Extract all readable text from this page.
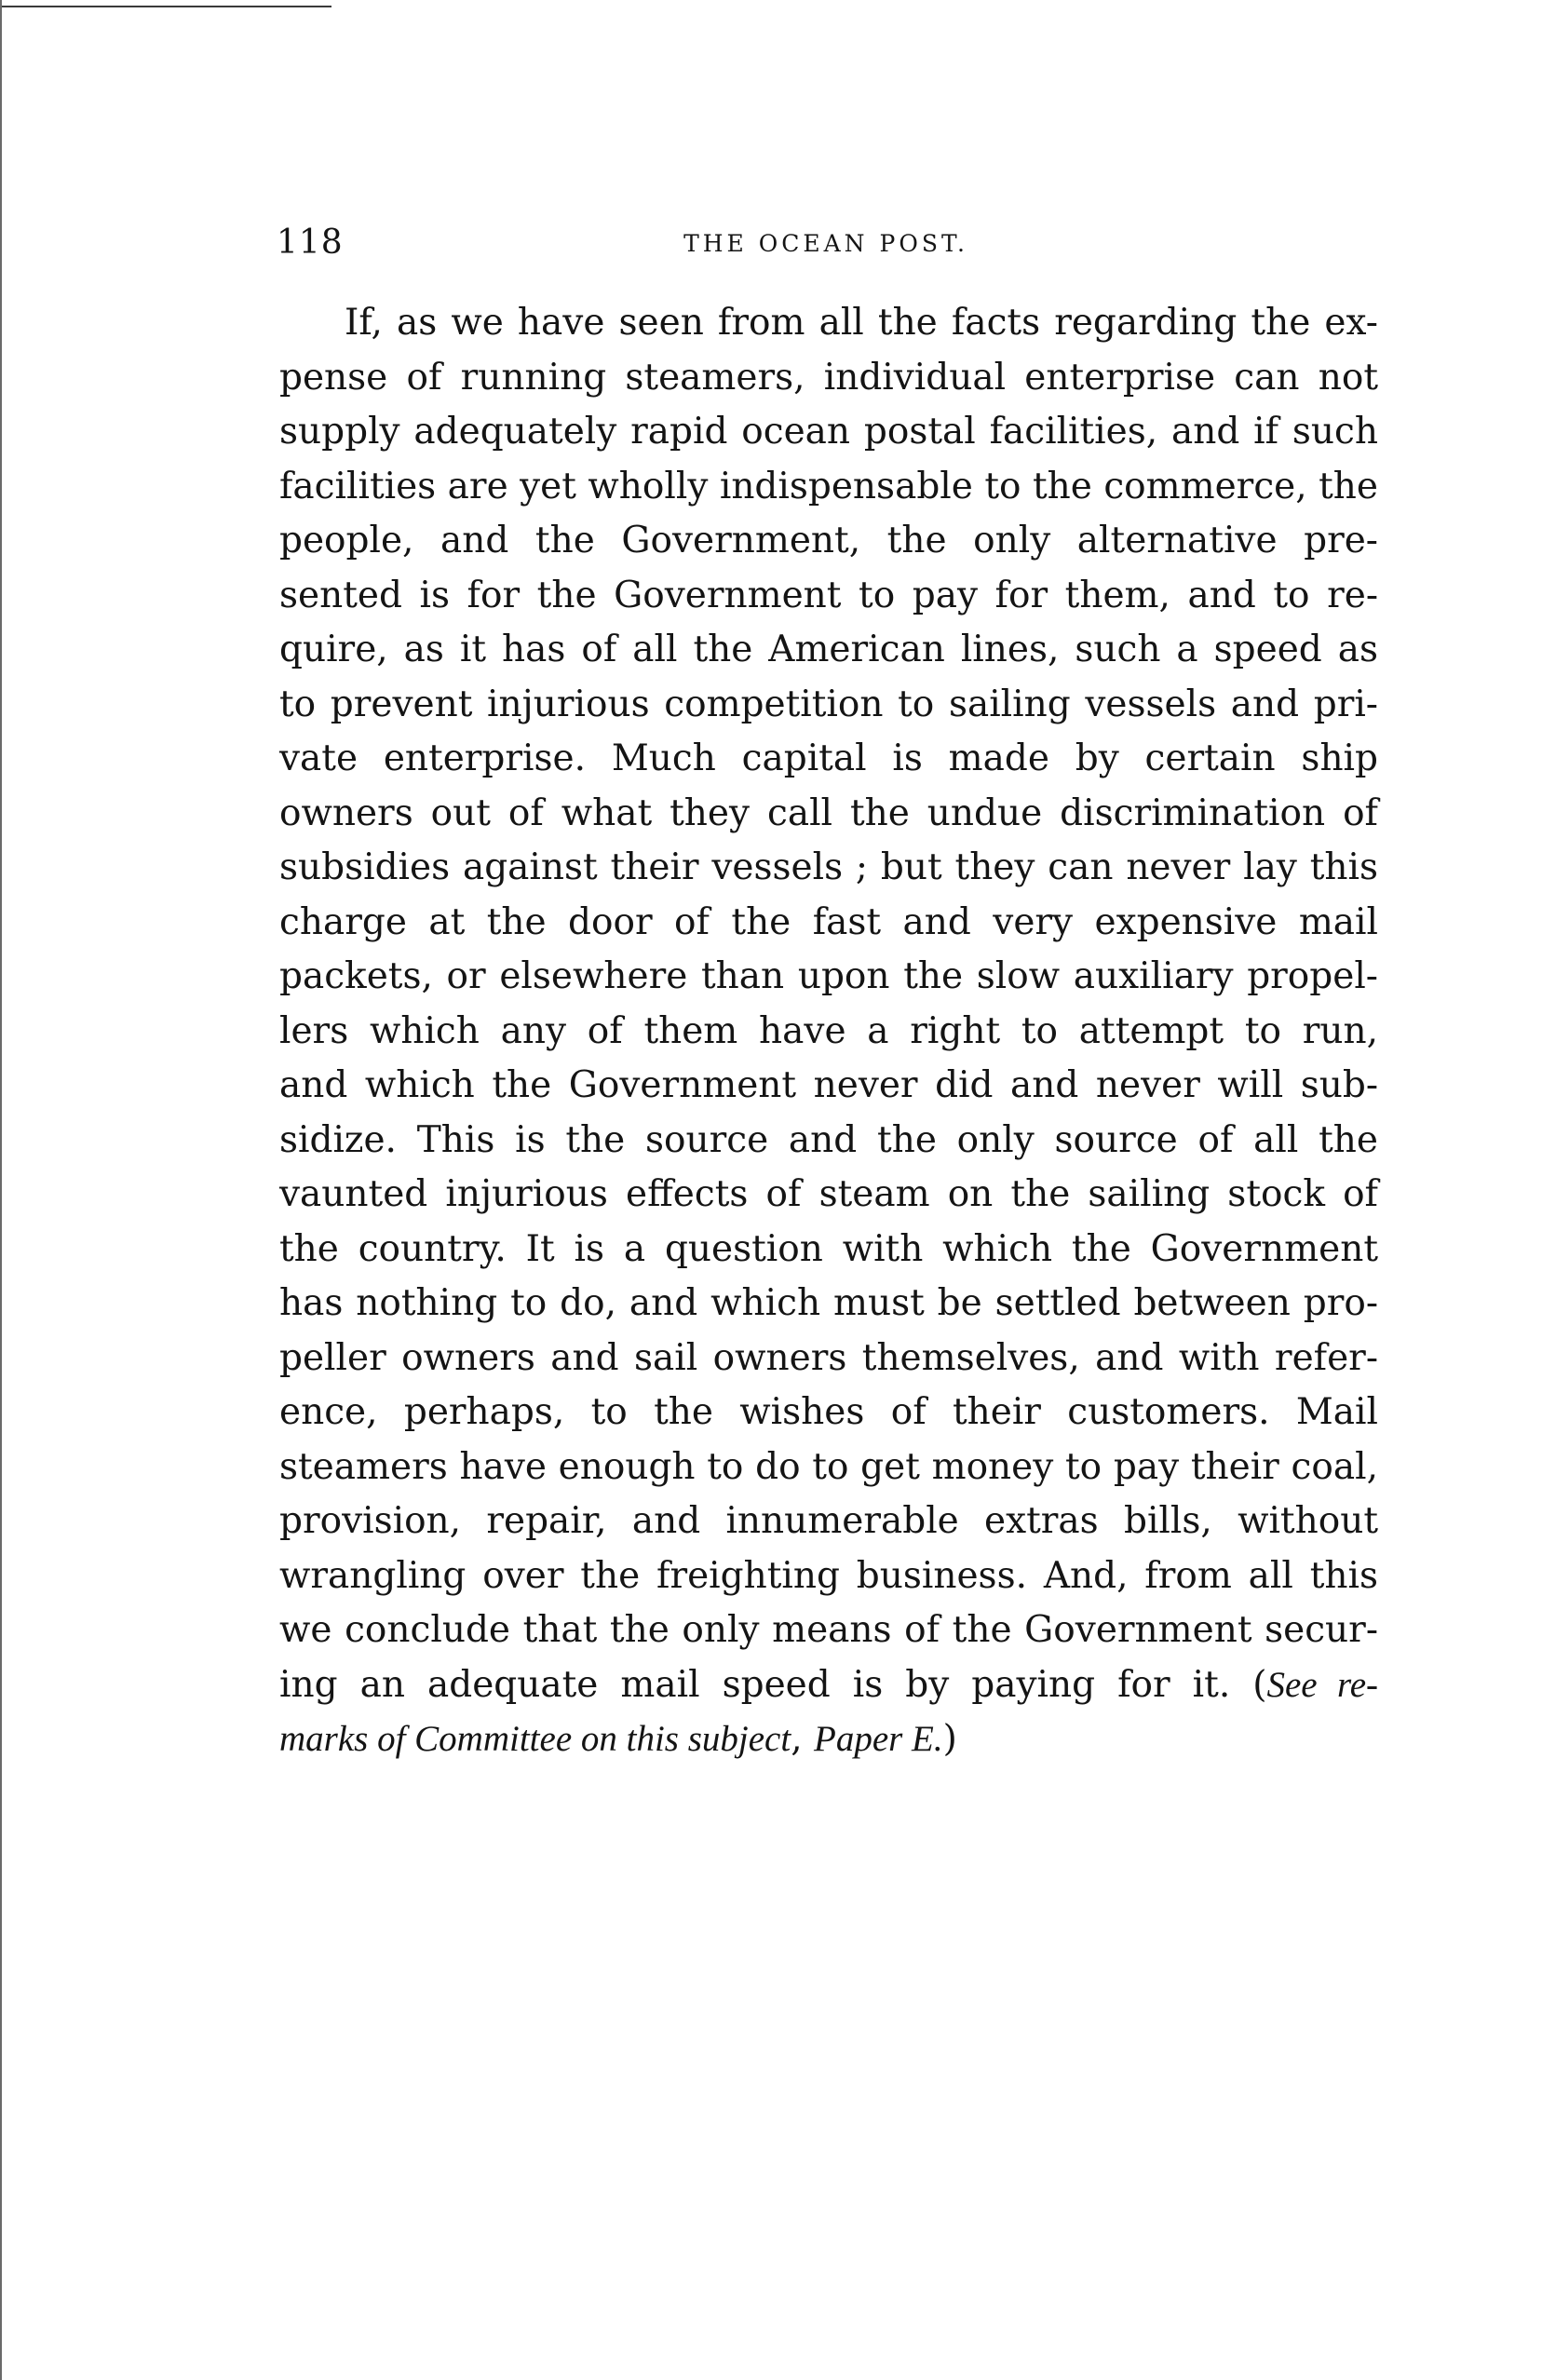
118	THE OCEAN POST.
If, as we have seen from all the facts regarding the ex-
pense of running steamers, individual enterprise can not
supply adequately rapid ocean postal facilities, and if such
facilities are yet wholly indispensable to the commerce, the
people, and the Government, the only alternative pre-
sented is for the Government to pay for them, and to re-
quire, as it has of all the American lines, such a speed as
to prevent injurious competition to sailing vessels and pri-
vate enterprise. Much capital is made by certain ship
owners out of what they call the undue discrimination of
subsidies against their vessels ; but they can never lay this
charge at the door of the fast and very expensive mail
packets, or elsewhere than upon the slow auxiliary propel-
lers which any of them have a right to attempt to run,
and which the Government never did and never will sub-
sidize. This is the source and the only source of all the
vaunted injurious effects of steam on the sailing stock of
the country. It is a question with which the Government
has nothing to do, and which must be settled between pro-
peller owners and sail owners themselves, and with refer-
ence, perhaps, to the wishes of their customers. Mail
steamers have enough to do to get money to pay their coal,
provision, repair, and innumerable extras bills, without
wrangling over the freighting business. And, from all this
we conclude that the only means of the Government secur-
ing an adequate mail speed is by paying for it. (See re-
marks of Committee on this subject, Paper E.)
